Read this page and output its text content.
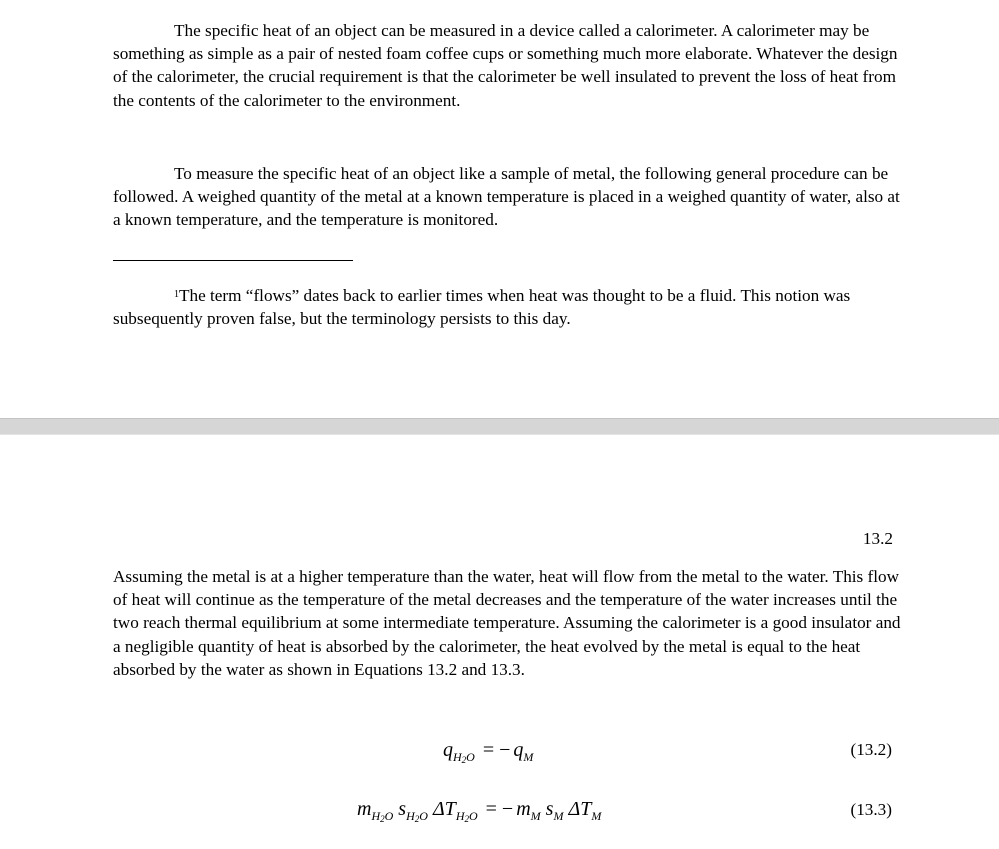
The specific heat of an object can be measured in a device called a calorimeter. A calorimeter may be something as simple as a pair of nested foam coffee cups or something much more elaborate. Whatever the design of the calorimeter, the crucial requirement is that the calorimeter be well insulated to prevent the loss of heat from the contents of the calorimeter to the environment.

To measure the specific heat of an object like a sample of metal, the following general procedure can be followed. A weighed quantity of the metal at a known temperature is placed in a weighed quantity of water, also at a known temperature, and the temperature is monitored.

$^1$The term “flows” dates back to earlier times when heat was thought to be a fluid. This notion was subsequently proven false, but the terminology persists to this day.

13.2

Assuming the metal is at a higher temperature than the water, heat will flow from the metal to the water. This flow of heat will continue as the temperature of the metal decreases and the temperature of the water increases until the two reach thermal equilibrium at some intermediate temperature. Assuming the calorimeter is a good insulator and a negligible quantity of heat is absorbed by the calorimeter, the heat evolved by the metal is equal to the heat absorbed by the water as shown in Equations 13.2 and 13.3.

$q_{H2O}$ = − $q_M$	(13.2)
$m_{H2O}$ $s_{H2O}$ $\Delta T_{H2O}$ = − $m_M$ $s_M$ $\Delta T_M$	(13.3)
